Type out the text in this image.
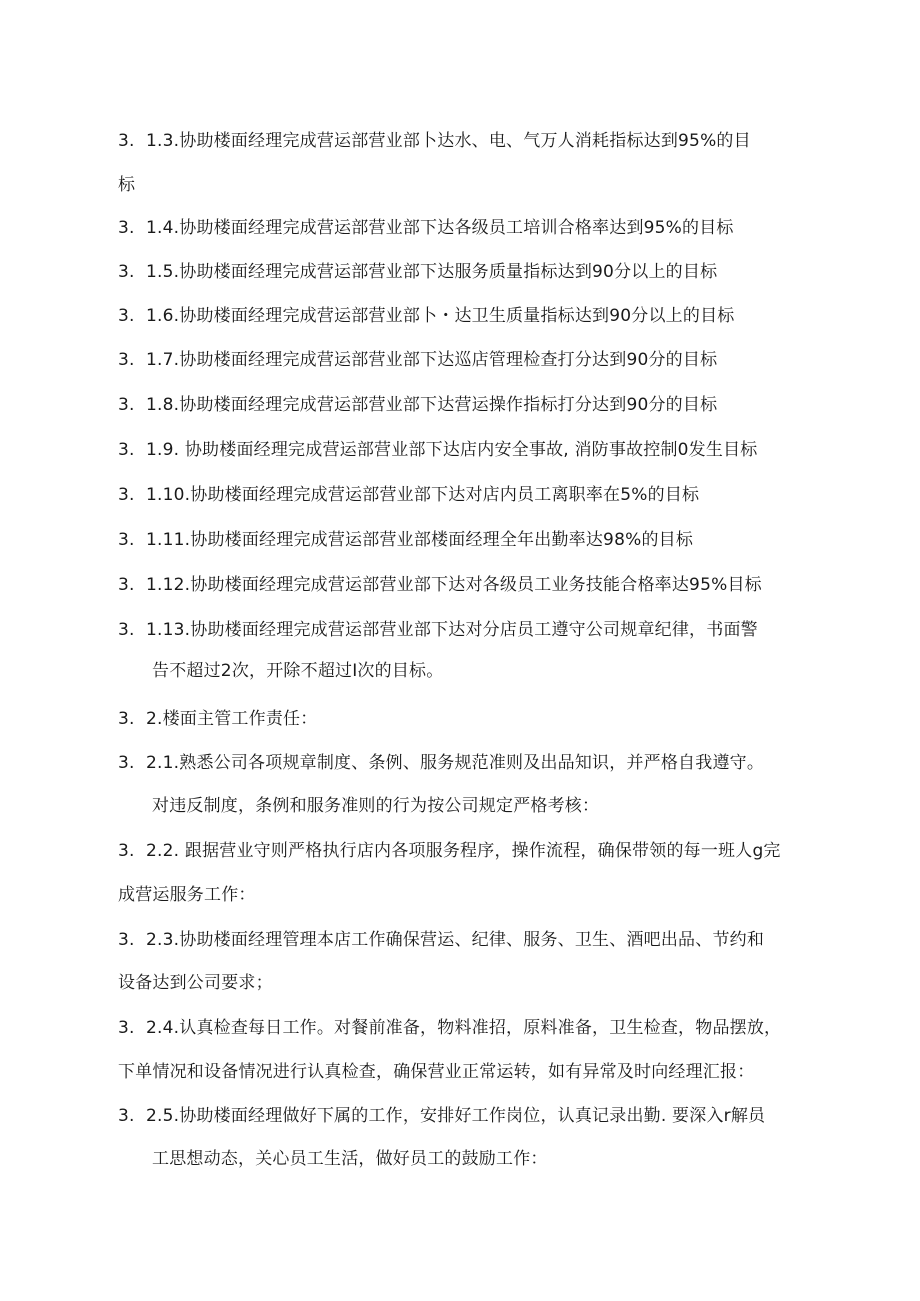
3. 1.3.协助楼面经理完成营运部营业部卜达水、电、气万人消耗指标达到95%的目
标
3. 1.4.协助楼面经理完成营运部营业部下达各级员工培训合格率达到95%的目标
3. 1.5.协助楼面经理完成营运部营业部下达服务质量指标达到90分以上的目标
3. 1.6.协助楼面经理完成营运部营业部卜・达卫生质量指标达到90分以上的目标
3. 1.7.协助楼面经理完成营运部营业部下达巡店管理检查打分达到90分的目标
3. 1.8.协助楼面经理完成营运部营业部下达营运操作指标打分达到90分的目标
3. 1.9. 协助楼面经理完成营运部营业部下达店内安全事故, 消防事故控制0发生目标
3. 1.10.协助楼面经理完成营运部营业部下达对店内员工离职率在5%的目标
3. 1.11.协助楼面经理完成营运部营业部楼面经理全年出勤率达98%的目标
3. 1.12.协助楼面经理完成营运部营业部下达对各级员工业务技能合格率达95%目标
3. 1.13.协助楼面经理完成营运部营业部下达对分店员工遵守公司规章纪律，书面警
告不超过2次，开除不超过I次的目标。
3. 2.楼面主管工作责任：
3. 2.1.熟悉公司各项规章制度、条例、服务规范准则及出品知识，并严格自我遵守。
对违反制度，条例和服务准则的行为按公司规定严格考核：
3. 2.2. 跟据营业守则严格执行店内各项服务程序，操作流程，确保带领的每一班人g完
成营运服务工作：
3. 2.3.协助楼面经理管理本店工作确保营运、纪律、服务、卫生、酒吧出品、节约和
设备达到公司要求；
3. 2.4.认真检查每日工作。对餐前准备，物料准招，原料准备，卫生检查，物品摆放，
下单情况和设备情况进行认真检查，确保营业正常运转，如有异常及时向经理汇报：
3. 2.5.协助楼面经理做好下属的工作，安排好工作岗位，认真记录出勤. 要深入r解员
工思想动态，关心员工生活，做好员工的鼓励工作：
